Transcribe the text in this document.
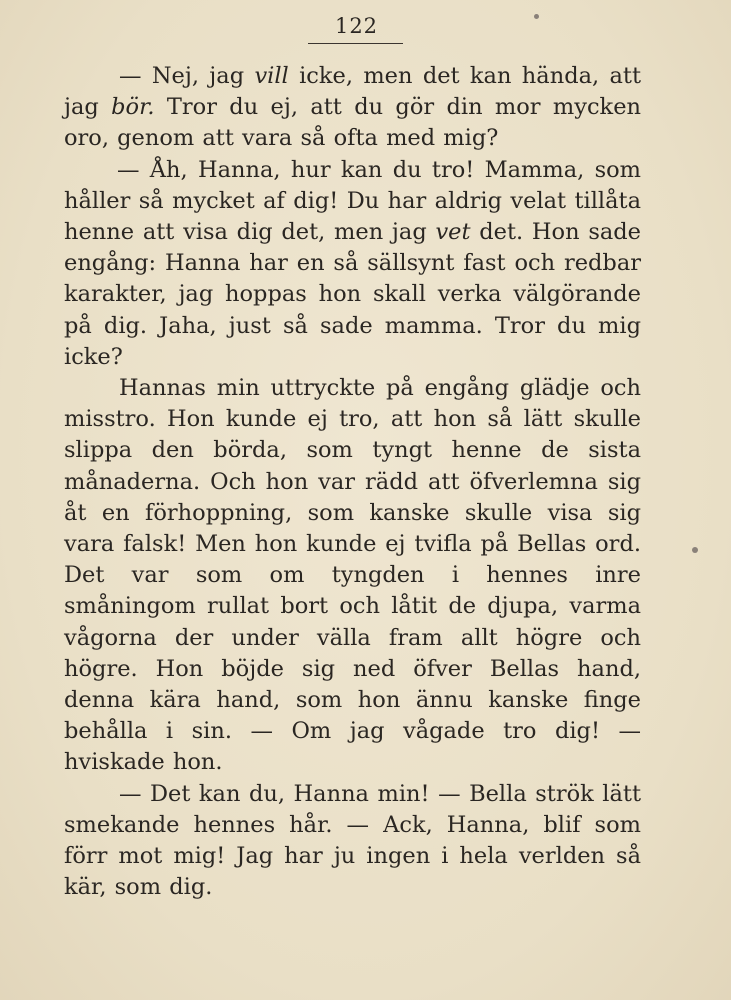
122

— Nej, jag vill icke, men det kan hända, att jag bör. Tror du ej, att du gör din mor mycken oro, genom att vara så ofta med mig?

— Åh, Hanna, hur kan du tro! Mamma, som håller så mycket af dig! Du har aldrig velat tillåta henne att visa dig det, men jag vet det. Hon sade engång: Hanna har en så sällsynt fast och redbar karakter, jag hoppas hon skall verka välgörande på dig. Jaha, just så sade mamma. Tror du mig icke?

Hannas min uttryckte på engång glädje och misstro. Hon kunde ej tro, att hon så lätt skulle slippa den börda, som tyngt henne de sista månaderna. Och hon var rädd att öfverlemna sig åt en förhoppning, som kanske skulle visa sig vara falsk! Men hon kunde ej tvifla på Bellas ord. Det var som om tyngden i hennes inre småningom rullat bort och låtit de djupa, varma vågorna der under välla fram allt högre och högre. Hon böjde sig ned öfver Bellas hand, denna kära hand, som hon ännu kanske finge behålla i sin. — Om jag vågade tro dig! — hviskade hon.

— Det kan du, Hanna min! — Bella strök lätt smekande hennes hår. — Ack, Hanna, blif som förr mot mig! Jag har ju ingen i hela verlden så kär, som dig.
